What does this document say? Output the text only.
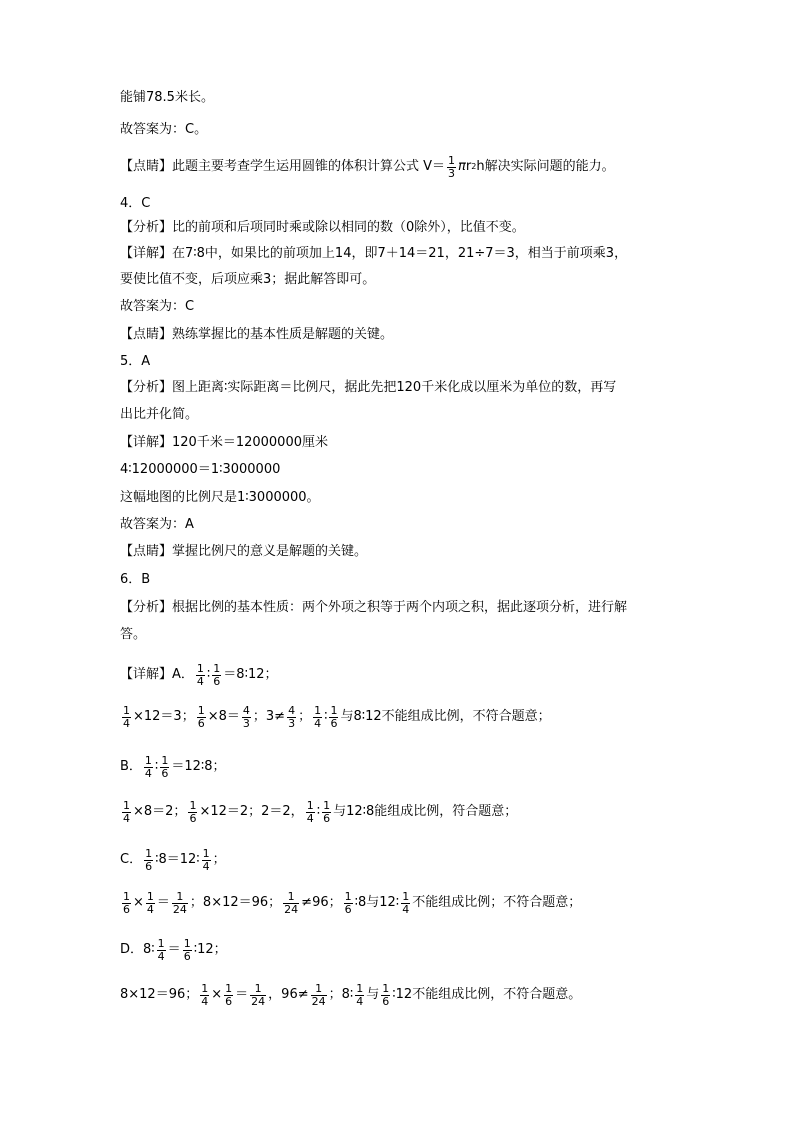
能铺78.5米长。
故答案为：C。
【点睛】此题主要考查学生运用圆锥的体积计算公式 $V= \frac{1}{3}$ π r 2 h 解决实际问题的能力。
4．C
【分析】比的前项和后项同时乘或除以相同的数（0除外），比值不变。
【详解】在7∶8中，如果比的前项加上14，即7＋14＝21，21÷7＝3，相当于前项乘3，
要使比值不变，后项应乘3；据此解答即可。
故答案为：C
【点睛】熟练掌握比的基本性质是解题的关键。
5．A
【分析】图上距离∶实际距离＝比例尺，据此先把120千米化成以厘米为单位的数，再写
出比并化简。
【详解】120千米＝12000000厘米
4∶12000000＝1∶3000000
这幅地图的比例尺是1∶3000000。
故答案为：A
【点睛】掌握比例尺的意义是解题的关键。
6．B
【分析】根据比例的基本性质：两个外项之积等于两个内项之积，据此逐项分析，进行解
答。
【详解】A． $\frac{1}{4}$ ∶ $\frac{1}{6}$ ＝8∶12；
$\frac{1}{4} \times 12=3$； $\frac{1}{6} \times 8= \frac{4}{3}$ ；$3\ne \frac{4}{3}$ ； $\frac{1}{4}$ ∶ $\frac{1}{6}$ 与8∶12不能组成比例，不符合题意；
B． $\frac{1}{4}$ ∶ $\frac{1}{6}$ ＝12∶8；
$\frac{1}{4} \times 8=2$； $\frac{1}{6} \times 12=2$；2＝2， $\frac{1}{4}$ ∶ $\frac{1}{6}$ 与12∶8能组成比例，符合题意；
C． $\frac{1}{6}$ ∶8＝12∶ $\frac{1}{4}$ ；
$\frac{1}{6} \times \frac{1}{4} = \frac{1}{24}$ ；8×12＝96； $\frac{1}{24} \ne 96$； $\frac{1}{6}$ ∶8与12∶ $\frac{1}{4}$ 不能组成比例；不符合题意；
D．8∶ $\frac{1}{4} = \frac{1}{6}$ ∶12；
8×12＝96； $\frac{1}{4} \times \frac{1}{6} = \frac{1}{24}$ ，$96\ne \frac{1}{24}$ ；8∶ $\frac{1}{4}$ 与 $\frac{1}{6}$ ∶12不能组成比例，不符合题意。
